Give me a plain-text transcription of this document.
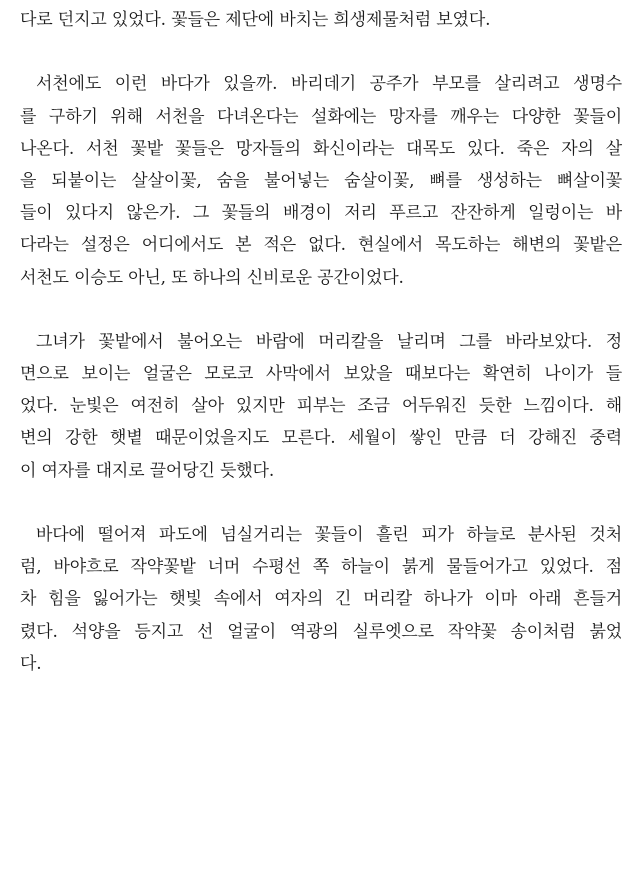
다로 던지고 있었다. 꽃들은 제단에 바치는 희생제물처럼 보였다.
서천에도 이런 바다가 있을까. 바리데기 공주가 부모를 살리려고 생명수
를 구하기 위해 서천을 다녀온다는 설화에는 망자를 깨우는 다양한 꽃들이
나온다. 서천 꽃밭 꽃들은 망자들의 화신이라는 대목도 있다. 죽은 자의 살
을 되붙이는 살살이꽃, 숨을 불어넣는 숨살이꽃, 뼈를 생성하는 뼈살이꽃
들이 있다지 않은가. 그 꽃들의 배경이 저리 푸르고 잔잔하게 일렁이는 바
다라는 설정은 어디에서도 본 적은 없다. 현실에서 목도하는 해변의 꽃밭은
서천도 이승도 아닌, 또 하나의 신비로운 공간이었다.
그녀가 꽃밭에서 불어오는 바람에 머리칼을 날리며 그를 바라보았다. 정
면으로 보이는 얼굴은 모로코 사막에서 보았을 때보다는 확연히 나이가 들
었다. 눈빛은 여전히 살아 있지만 피부는 조금 어두워진 듯한 느낌이다. 해
변의 강한 햇볕 때문이었을지도 모른다. 세월이 쌓인 만큼 더 강해진 중력
이 여자를 대지로 끌어당긴 듯했다.
바다에 떨어져 파도에 넘실거리는 꽃들이 흘린 피가 하늘로 분사된 것처
럼, 바야흐로 작약꽃밭 너머 수평선 쪽 하늘이 붉게 물들어가고 있었다. 점
차 힘을 잃어가는 햇빛 속에서 여자의 긴 머리칼 하나가 이마 아래 흔들거
렸다. 석양을 등지고 선 얼굴이 역광의 실루엣으로 작약꽃 송이처럼 붉었
다.
